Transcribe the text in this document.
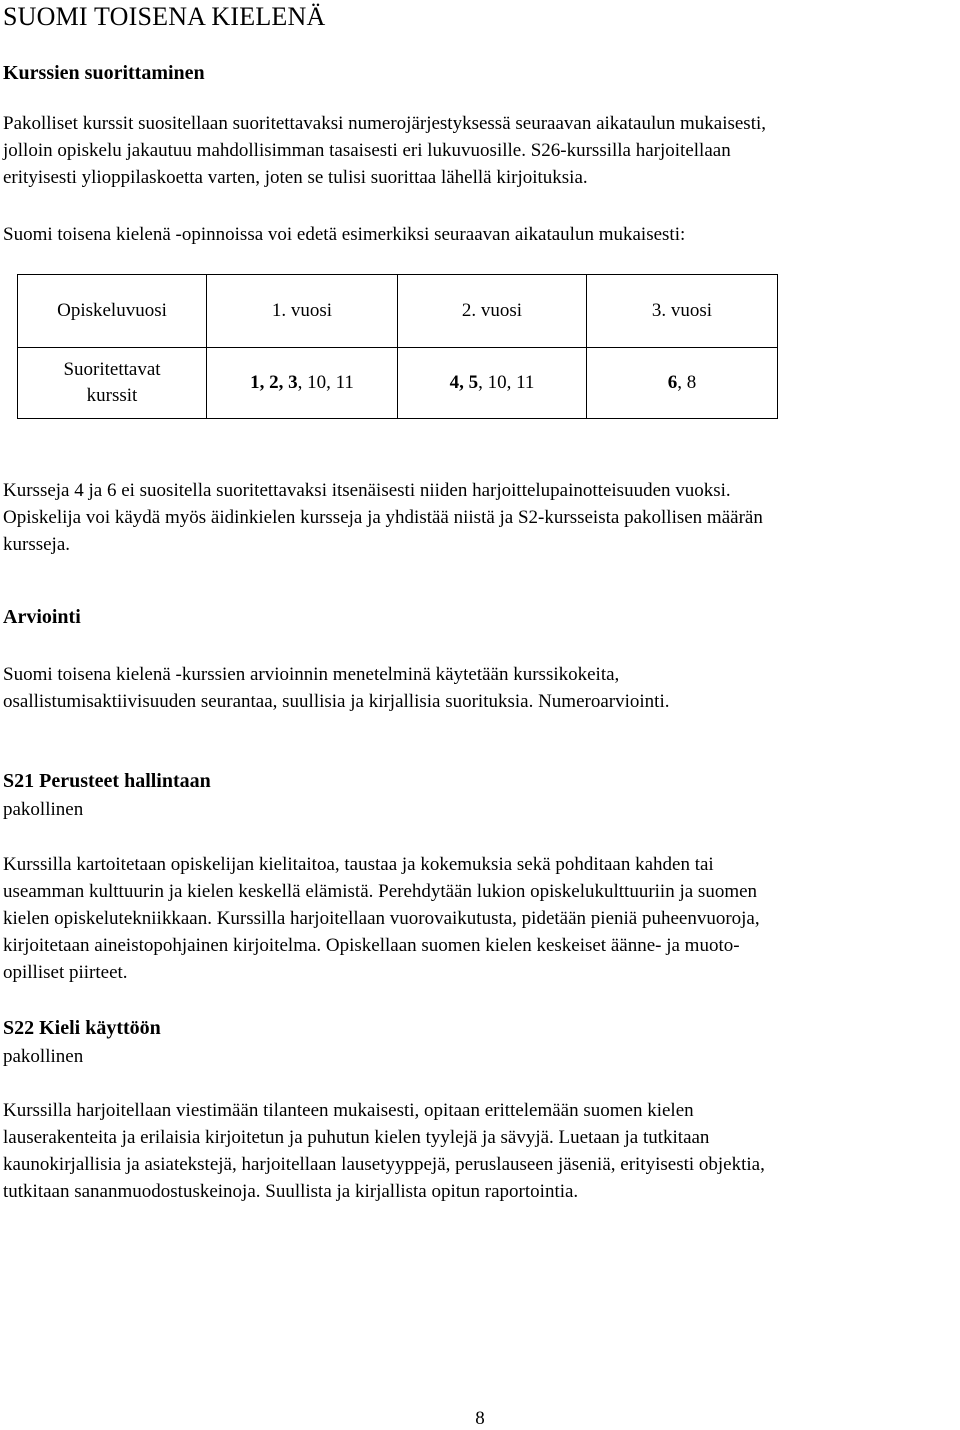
SUOMI TOISENA KIELENÄ
Kurssien suorittaminen
Pakolliset kurssit suositellaan suoritettavaksi numerojärjestyksessä seuraavan aikataulun mukaisesti,
jolloin opiskelu jakautuu mahdollisimman tasaisesti eri lukuvuosille. S26-kurssilla harjoitellaan
erityisesti ylioppilaskoetta varten, joten se tulisi suorittaa lähellä kirjoituksia.
Suomi toisena kielenä -opinnoissa voi edetä esimerkiksi seuraavan aikataulun mukaisesti:
Opiskeluvuosi	1. vuosi	2. vuosi	3. vuosi
Suoritettavat
kurssit	1, 2, 3, 10, 11	4, 5, 10, 11	6, 8
Kursseja 4 ja 6 ei suositella suoritettavaksi itsenäisesti niiden harjoittelupainotteisuuden vuoksi.
Opiskelija voi käydä myös äidinkielen kursseja ja yhdistää niistä ja S2-kursseista pakollisen määrän
kursseja.
Arviointi
Suomi toisena kielenä -kurssien arvioinnin menetelminä käytetään kurssikokeita,
osallistumisaktiivisuuden seurantaa, suullisia ja kirjallisia suorituksia. Numeroarviointi.
S21 Perusteet hallintaan
pakollinen
Kurssilla kartoitetaan opiskelijan kielitaitoa, taustaa ja kokemuksia sekä pohditaan kahden tai
useamman kulttuurin ja kielen keskellä elämistä. Perehdytään lukion opiskelukulttuuriin ja suomen
kielen opiskelutekniikkaan. Kurssilla harjoitellaan vuorovaikutusta, pidetään pieniä puheenvuoroja,
kirjoitetaan aineistopohjainen kirjoitelma. Opiskellaan suomen kielen keskeiset äänne- ja muoto-
opilliset piirteet.
S22 Kieli käyttöön
pakollinen
Kurssilla harjoitellaan viestimään tilanteen mukaisesti, opitaan erittelemään suomen kielen
lauserakenteita ja erilaisia kirjoitetun ja puhutun kielen tyylejä ja sävyjä. Luetaan ja tutkitaan
kaunokirjallisia ja asiatekstejä, harjoitellaan lausetyyppejä, peruslauseen jäseniä, erityisesti objektia,
tutkitaan sananmuodostuskeinoja. Suullista ja kirjallista opitun raportointia.
8
